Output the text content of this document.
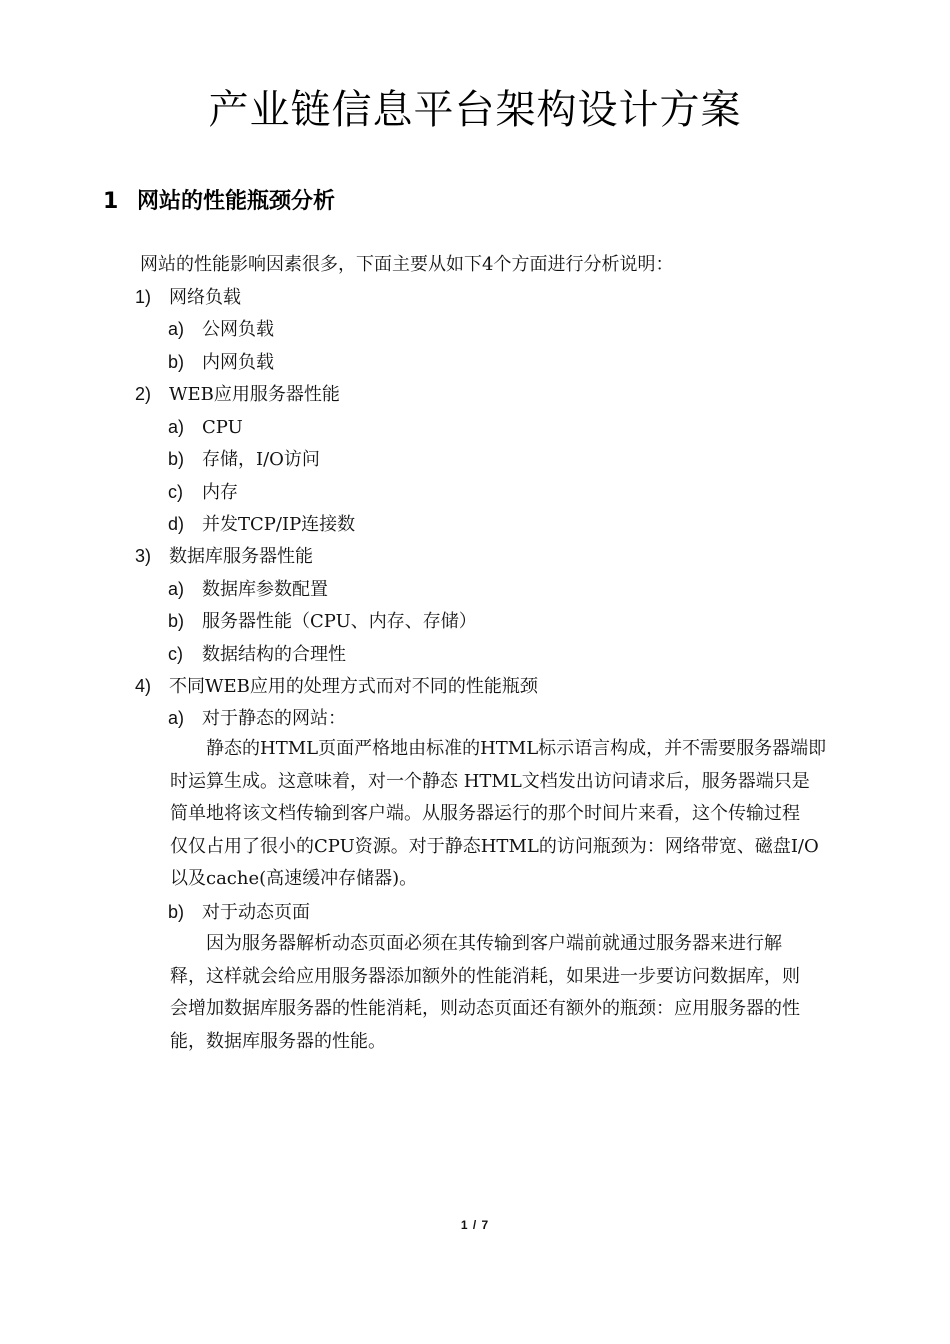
产业链信息平台架构设计方案
1 网站的性能瓶颈分析
网站的性能影响因素很多，下面主要从如下4个方面进行分析说明：
1) 网络负载
a) 公网负载
b) 内网负载
2) WEB应用服务器性能
a) CPU
b) 存储，I/O访问
c) 内存
d) 并发TCP/IP连接数
3) 数据库服务器性能
a) 数据库参数配置
b) 服务器性能（CPU、内存、存储）
c) 数据结构的合理性
4) 不同WEB应用的处理方式而对不同的性能瓶颈
a) 对于静态的网站：
静态的HTML页面严格地由标准的HTML标示语言构成，并不需要服务器端即
时运算生成。这意味着，对一个静态 HTML文档发出访问请求后，服务器端只是
简单地将该文档传输到客户端。从服务器运行的那个时间片来看，这个传输过程
仅仅占用了很小的CPU资源。对于静态HTML的访问瓶颈为：网络带宽、磁盘I/O
以及cache(高速缓冲存储器)。
b) 对于动态页面
因为服务器解析动态页面必须在其传输到客户端前就通过服务器来进行解
释，这样就会给应用服务器添加额外的性能消耗，如果进一步要访问数据库，则
会增加数据库服务器的性能消耗，则动态页面还有额外的瓶颈：应用服务器的性
能，数据库服务器的性能。
1 / 7
